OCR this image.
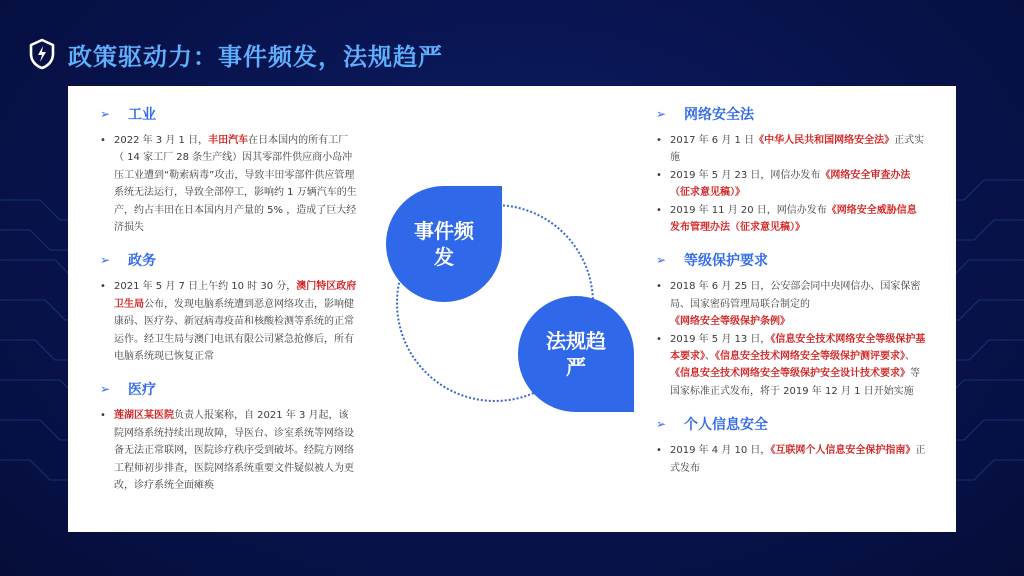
政策驱动力：事件频发，法规趋严
➢ 工业
• 2022 年 3 月 1 日，丰田汽车在日本国内的所有工厂（ 14 家工厂 28 条生产线）因其零部件供应商小岛冲压工业遭到“勒索病毒”攻击，导致丰田零部件供应管理系统无法运行，导致全部停工，影响约 1 万辆汽车的生产，约占丰田在日本国内月产量的 5% ，造成了巨大经济损失
➢ 政务
• 2021 年 5 月 7 日上午约 10 时 30 分，澳门特区政府卫生局公布，发现电脑系统遭到恶意网络攻击，影响健康码、医疗券、新冠病毒疫苗和核酸检测等系统的正常运作。经卫生局与澳门电讯有限公司紧急抢修后，所有电脑系统现已恢复正常
➢ 医疗
• 莲湖区某医院负责人报案称，自 2021 年 3 月起，该院网络系统持续出现故障，导医台、诊室系统等网络设备无法正常联网，医院诊疗秩序受到破坏。经院方网络工程师初步排查，医院网络系统重要文件疑似被人为更改，诊疗系统全面瘫痪
事件频发
法规趋严
➢ 网络安全法
• 2017 年 6 月 1 日《中华人民共和国网络安全法》正式实施
• 2019 年 5 月 23 日，网信办发布《网络安全审查办法（征求意见稿）》
• 2019 年 11 月 20 日，网信办发布《网络安全威胁信息发布管理办法（征求意见稿）》
➢ 等级保护要求
• 2018 年 6 月 25 日，公安部会同中央网信办、国家保密局、国家密码管理局联合制定的《网络安全等级保护条例》
• 2019 年 5 月 13 日，《信息安全技术网络安全等级保护基本要求》、《信息安全技术网络安全等级保护测评要求》、《信息安全技术网络安全等级保护安全设计技术要求》等国家标准正式发布，将于 2019 年 12 月 1 日开始实施
➢ 个人信息安全
• 2019 年 4 月 10 日，《互联网个人信息安全保护指南》正式发布
